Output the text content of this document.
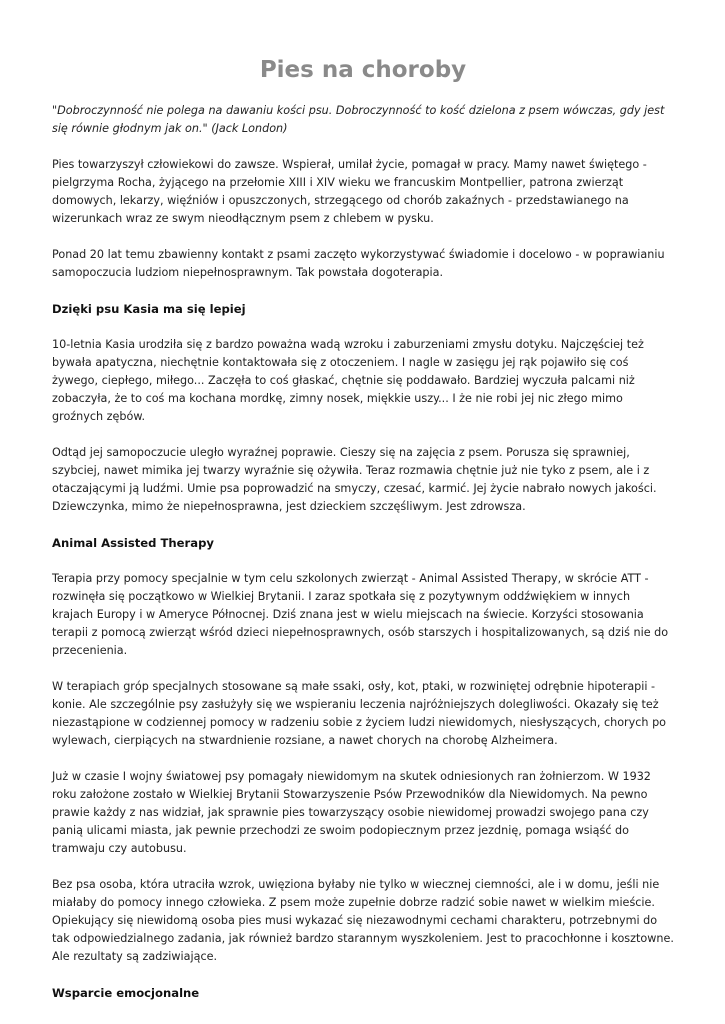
Pies na choroby

"Dobroczynność nie polega na dawaniu kości psu. Dobroczynność to kość dzielona z psem wówczas, gdy jest się równie głodnym jak on." (Jack London)

Pies towarzyszył człowiekowi do zawsze. Wspierał, umilał życie, pomagał w pracy. Mamy nawet świętego - pielgrzyma Rocha, żyjącego na przełomie XIII i XIV wieku we francuskim Montpellier, patrona zwierząt domowych, lekarzy, więźniów i opuszczonych, strzegącego od chorób zakaźnych - przedstawianego na wizerunkach wraz ze swym nieodłącznym psem z chlebem w pysku.

Ponad 20 lat temu zbawienny kontakt z psami zaczęto wykorzystywać świadomie i docelowo - w poprawianiu samopoczucia ludziom niepełnosprawnym. Tak powstała dogoterapia.

Dzięki psu Kasia ma się lepiej

10-letnia Kasia urodziła się z bardzo poważna wadą wzroku i zaburzeniami zmysłu dotyku. Najczęściej też bywała apatyczna, niechętnie kontaktowała się z otoczeniem. I nagle w zasięgu jej rąk pojawiło się coś żywego, ciepłego, miłego... Zaczęła to coś głaskać, chętnie się poddawało. Bardziej wyczuła palcami niż zobaczyła, że to coś ma kochana mordkę, zimny nosek, miękkie uszy... I że nie robi jej nic złego mimo groźnych zębów.

Odtąd jej samopoczucie uległo wyraźnej poprawie. Cieszy się na zajęcia z psem. Porusza się sprawniej, szybciej, nawet mimika jej twarzy wyraźnie się ożywiła. Teraz rozmawia chętnie już nie tyko z psem, ale i z otaczającymi ją ludźmi. Umie psa poprowadzić na smyczy, czesać, karmić. Jej życie nabrało nowych jakości. Dziewczynka, mimo że niepełnosprawna, jest dzieckiem szczęśliwym. Jest zdrowsza.

Animal Assisted Therapy

Terapia przy pomocy specjalnie w tym celu szkolonych zwierząt - Animal Assisted Therapy, w skrócie ATT - rozwinęła się początkowo w Wielkiej Brytanii. I zaraz spotkała się z pozytywnym oddźwiękiem w innych krajach Europy i w Ameryce Północnej. Dziś znana jest w wielu miejscach na świecie. Korzyści stosowania terapii z pomocą zwierząt wśród dzieci niepełnosprawnych, osób starszych i hospitalizowanych, są dziś nie do przecenienia.

W terapiach grόp specjalnych stosowane są małe ssaki, osły, kot, ptaki, w rozwiniętej odrębnie hipoterapii - konie. Ale szczególnie psy zasłużyły się we wspieraniu leczenia najróżniejszych dolegliwości. Okazały się też niezastąpione w codziennej pomocy w radzeniu sobie z życiem ludzi niewidomych, niesłyszących, chorych po wylewach, cierpiących na stwardnienie rozsiane, a nawet chorych na chorobę Alzheimera.

Już w czasie I wojny światowej psy pomagały niewidomym na skutek odniesionych ran żołnierzom. W 1932 roku założone zostało w Wielkiej Brytanii Stowarzyszenie Psów Przewodników dla Niewidomych. Na pewno prawie każdy z nas widział, jak sprawnie pies towarzyszący osobie niewidomej prowadzi swojego pana czy panią ulicami miasta, jak pewnie przechodzi ze swoim podopiecznym przez jezdnię, pomaga wsiąść do tramwaju czy autobusu.

Bez psa osoba, która utraciła wzrok, uwięziona byłaby nie tylko w wiecznej ciemności, ale i w domu, jeśli nie miałaby do pomocy innego człowieka. Z psem może zupełnie dobrze radzić sobie nawet w wielkim mieście. Opiekujący się niewidomą osoba pies musi wykazać się niezawodnymi cechami charakteru, potrzebnymi do tak odpowiedzialnego zadania, jak również bardzo starannym wyszkoleniem. Jest to pracochłonne i kosztowne. Ale rezultaty są zadziwiające.

Wsparcie emocjonalne
